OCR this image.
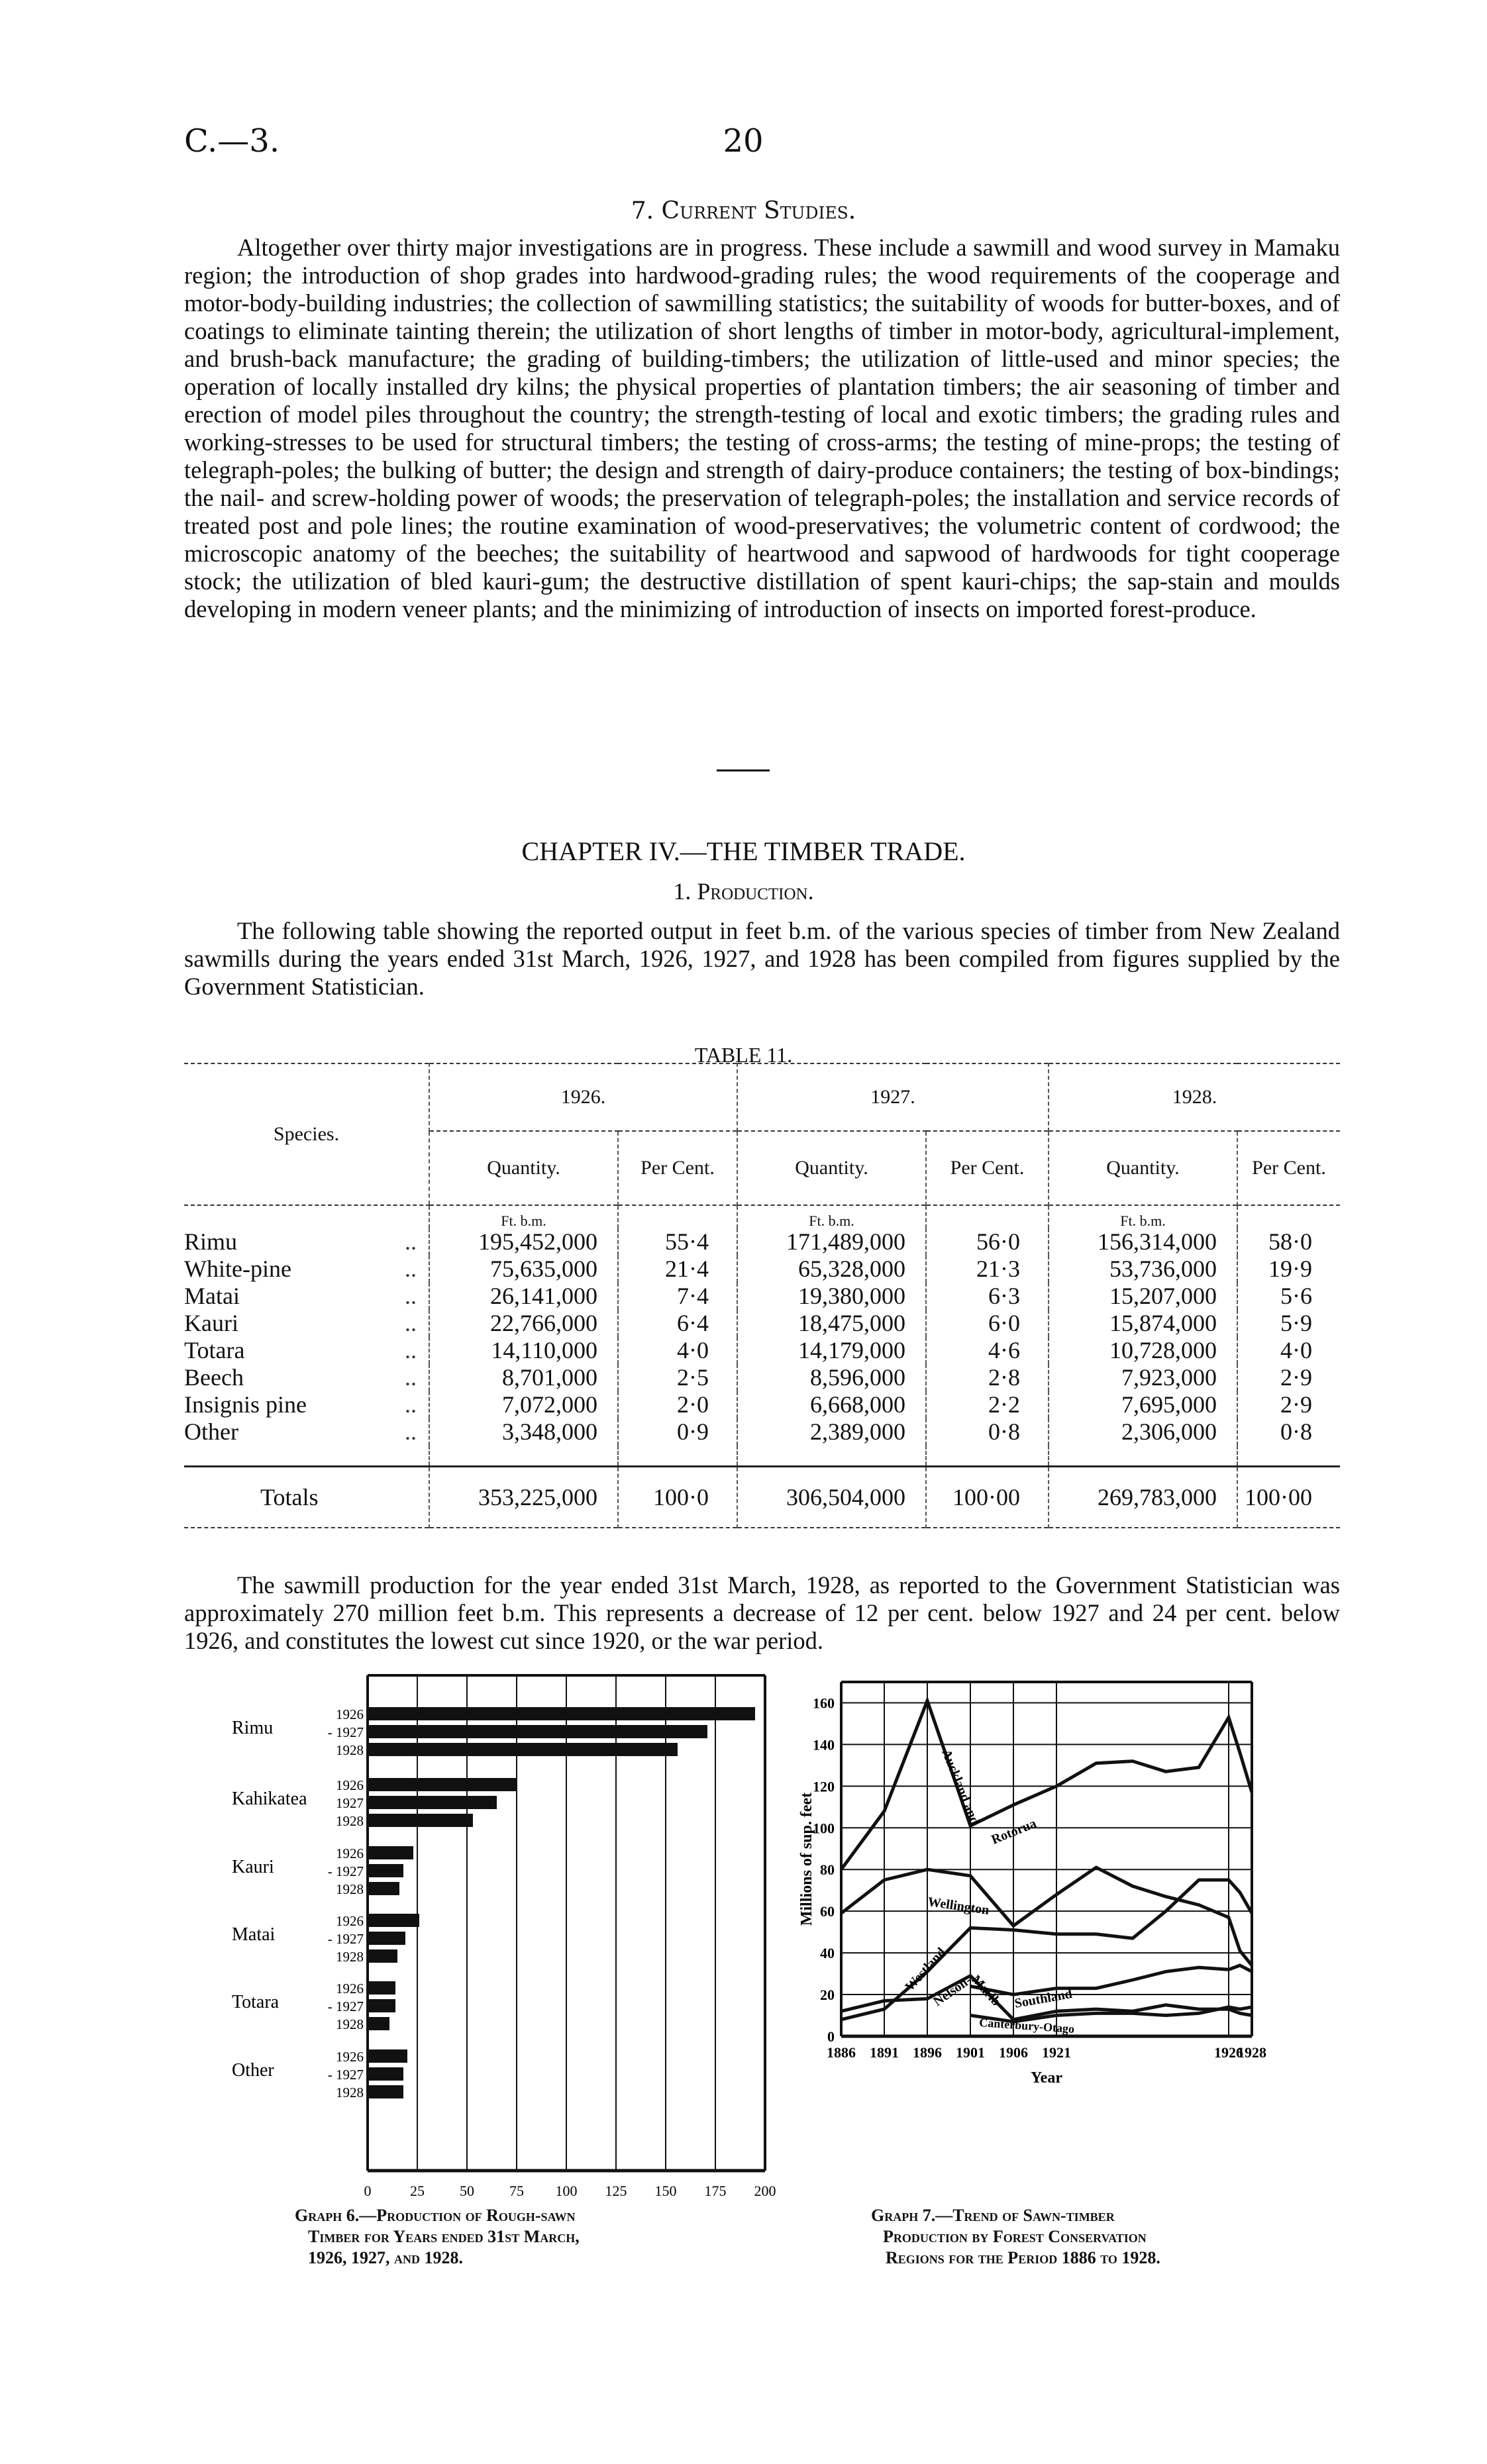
C.—3.	20
7. Current Studies.
Altogether over thirty major investigations are in progress. These include a sawmill and wood survey in Mamaku region; the introduction of shop grades into hardwood-grading rules; the wood requirements of the cooperage and motor-body-building industries; the collection of sawmilling statistics; the suitability of woods for butter-boxes, and of coatings to eliminate tainting therein; the utilization of short lengths of timber in motor-body, agricultural-implement, and brush-back manufacture; the grading of building-timbers; the utilization of little-used and minor species; the operation of locally installed dry kilns; the physical properties of plantation timbers; the air seasoning of timber and erection of model piles throughout the country; the strength-testing of local and exotic timbers; the grading rules and working-stresses to be used for structural timbers; the testing of cross-arms; the testing of mine-props; the testing of telegraph-poles; the bulking of butter; the design and strength of dairy-produce containers; the testing of box-bindings; the nail- and screw-holding power of woods; the preservation of telegraph-poles; the installation and service records of treated post and pole lines; the routine examination of wood-preservatives; the volumetric content of cordwood; the microscopic anatomy of the beeches; the suitability of heartwood and sapwood of hardwoods for tight cooperage stock; the utilization of bled kauri-gum; the destructive distillation of spent kauri-chips; the sap-stain and moulds developing in modern veneer plants; and the minimizing of introduction of insects on imported forest-produce.
CHAPTER IV.—THE TIMBER TRADE.
1. Production.
The following table showing the reported output in feet b.m. of the various species of timber from New Zealand sawmills during the years ended 31st March, 1926, 1927, and 1928 has been compiled from figures supplied by the Government Statistician.
TABLE 11.
Species.	1926.		1927.		1928.	
	Quantity.	Per Cent.	Quantity.	Per Cent.	Quantity.	Per Cent.
	Ft. b.m.		Ft. b.m.		Ft. b.m.	
Rimu ..	195,452,000	55·4	171,489,000	56·0	156,314,000	58·0
White-pine ..	75,635,000	21·4	65,328,000	21·3	53,736,000	19·9
Matai ..	26,141,000	7·4	19,380,000	6·3	15,207,000	5·6
Kauri ..	22,766,000	6·4	18,475,000	6·0	15,874,000	5·9
Totara ..	14,110,000	4·0	14,179,000	4·6	10,728,000	4·0
Beech ..	8,701,000	2·5	8,596,000	2·8	7,923,000	2·9
Insignis pine ..	7,072,000	2·0	6,668,000	2·2	7,695,000	2·9
Other ..	3,348,000	0·9	2,389,000	0·8	2,306,000	0·8

Totals	353,225,000	100·0	306,504,000	100·00	269,783,000	100·00
The sawmill production for the year ended 31st March, 1928, as reported to the Government Statistician was approximately 270 million feet b.m. This represents a decrease of 12 per cent. below 1927 and 24 per cent. below 1926, and constitutes the lowest cut since 1920, or the war period.
0	25 50 75 100 125 150 175 200
Rimu
1926
- 1927
1928
Kahikatea
1926
1927
1928
Kauri
1926
- 1927
1928
Matai
1926
- 1927
1928
Totara
1926
- 1927
1928
Other
1926
- 1927
1928
Graph 6.—Production of Rough-sawn
Timber for Years ended 31st March,
1926, 1927, and 1928.
1886 1891 1896 1901 1906 1921	1926
1928
0
20
40
60
80
100
120
140
160
Millions of sup. feet
Year
Auckland and
Rotorua
Wellington
Westland
Nelson-
Marlb Southland
Canterbury-Otago
Graph 7.—Trend of Sawn-timber
Production by Forest Conservation
Regions for the Period 1886 to 1928.
